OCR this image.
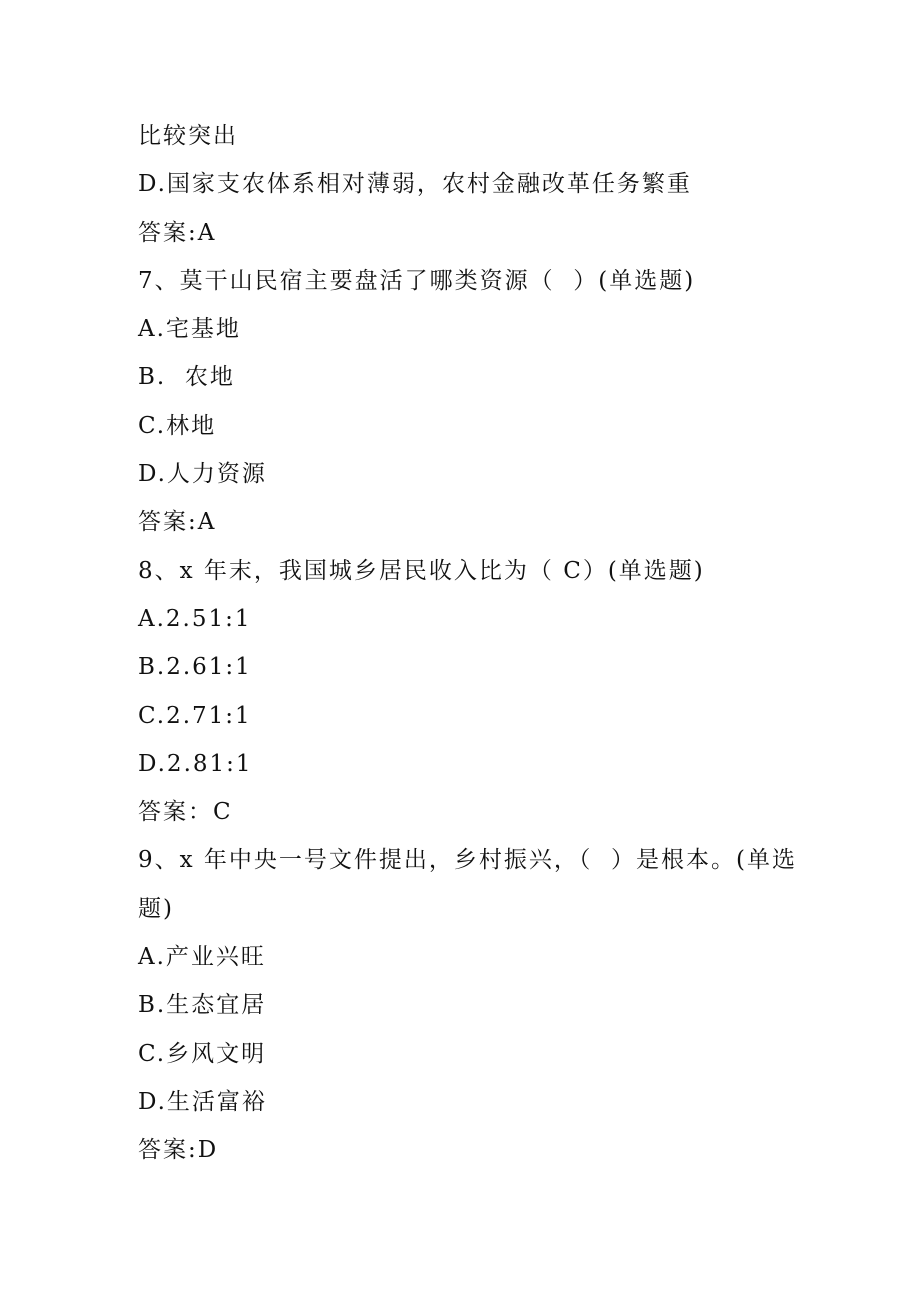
比较突出
D.国家支农体系相对薄弱，农村金融改革任务繁重
答案:A
7、莫干山民宿主要盘活了哪类资源（  ）(单选题)
A.宅基地
B.  农地
C.林地
D.人力资源
答案:A
8、x 年末，我国城乡居民收入比为（ C）(单选题)
A.2.51:1
B.2.61:1
C.2.71:1
D.2.81:1
答案：C
9、x 年中央一号文件提出，乡村振兴，（  ）是根本。(单选
题)
A.产业兴旺
B.生态宜居
C.乡风文明
D.生活富裕
答案:D
